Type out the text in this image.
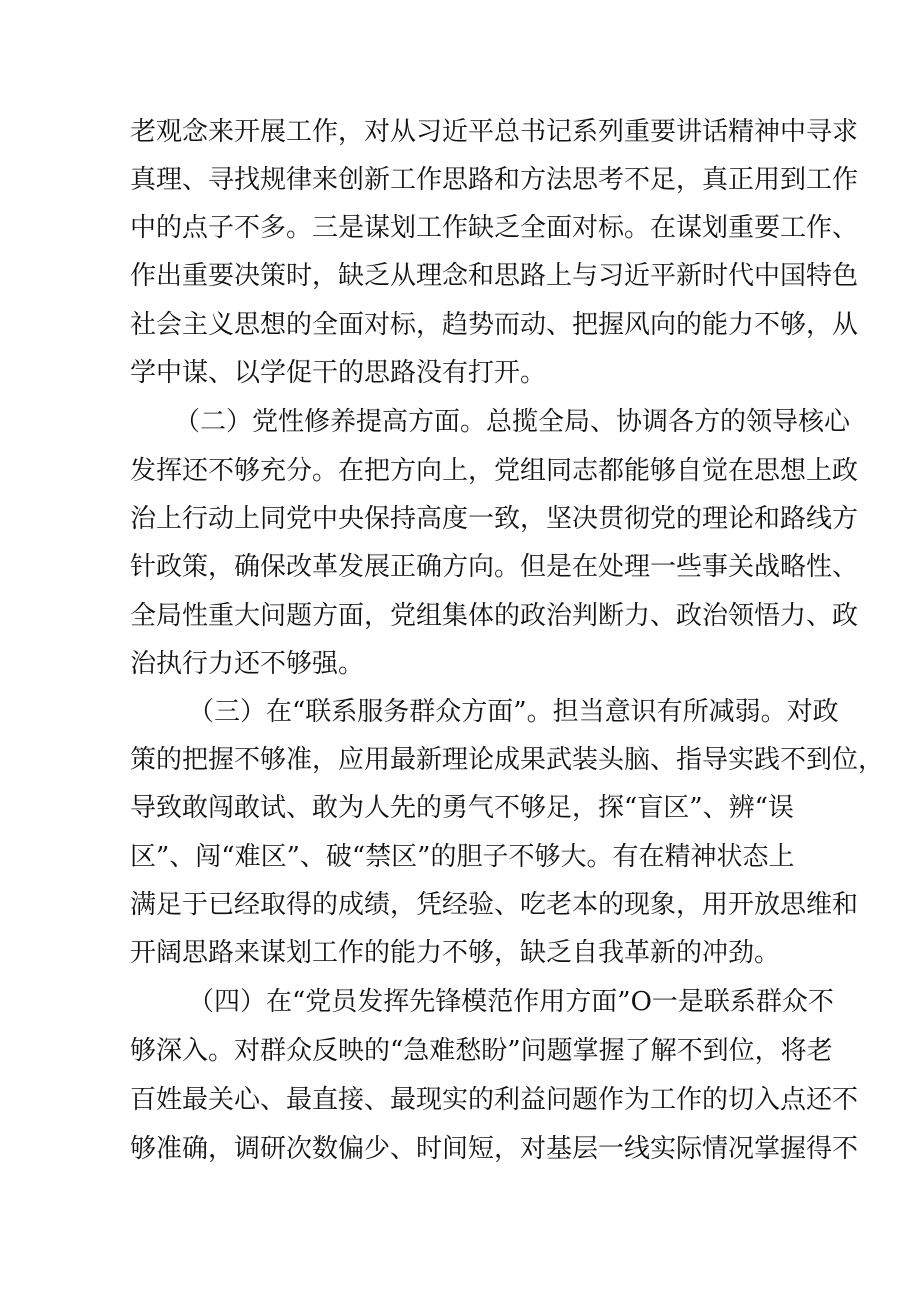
老观念来开展工作，对从习近平总书记系列重要讲话精神中寻求
真理、寻找规律来创新工作思路和方法思考不足，真正用到工作
中的点子不多。三是谋划工作缺乏全面对标。在谋划重要工作、
作出重要决策时，缺乏从理念和思路上与习近平新时代中国特色
社会主义思想的全面对标，趋势而动、把握风向的能力不够，从
学中谋、以学促干的思路没有打开。
（二）党性修养提高方面。总揽全局、协调各方的领导核心
发挥还不够充分。在把方向上，党组同志都能够自觉在思想上政
治上行动上同党中央保持高度一致，坚决贯彻党的理论和路线方
针政策，确保改革发展正确方向。但是在处理一些事关战略性、
全局性重大问题方面，党组集体的政治判断力、政治领悟力、政
治执行力还不够强。
（三）在“联系服务群众方面”。担当意识有所减弱。对政
策的把握不够准，应用最新理论成果武装头脑、指导实践不到位，
导致敢闯敢试、敢为人先的勇气不够足，探“盲区”、辨“误
区”、闯“难区”、破“禁区”的胆子不够大。有在精神状态上
满足于已经取得的成绩，凭经验、吃老本的现象，用开放思维和
开阔思路来谋划工作的能力不够，缺乏自我革新的冲劲。
（四）在“党员发挥先锋模范作用方面”O一是联系群众不
够深入。对群众反映的“急难愁盼”问题掌握了解不到位，将老
百姓最关心、最直接、最现实的利益问题作为工作的切入点还不
够准确，调研次数偏少、时间短，对基层一线实际情况掌握得不
